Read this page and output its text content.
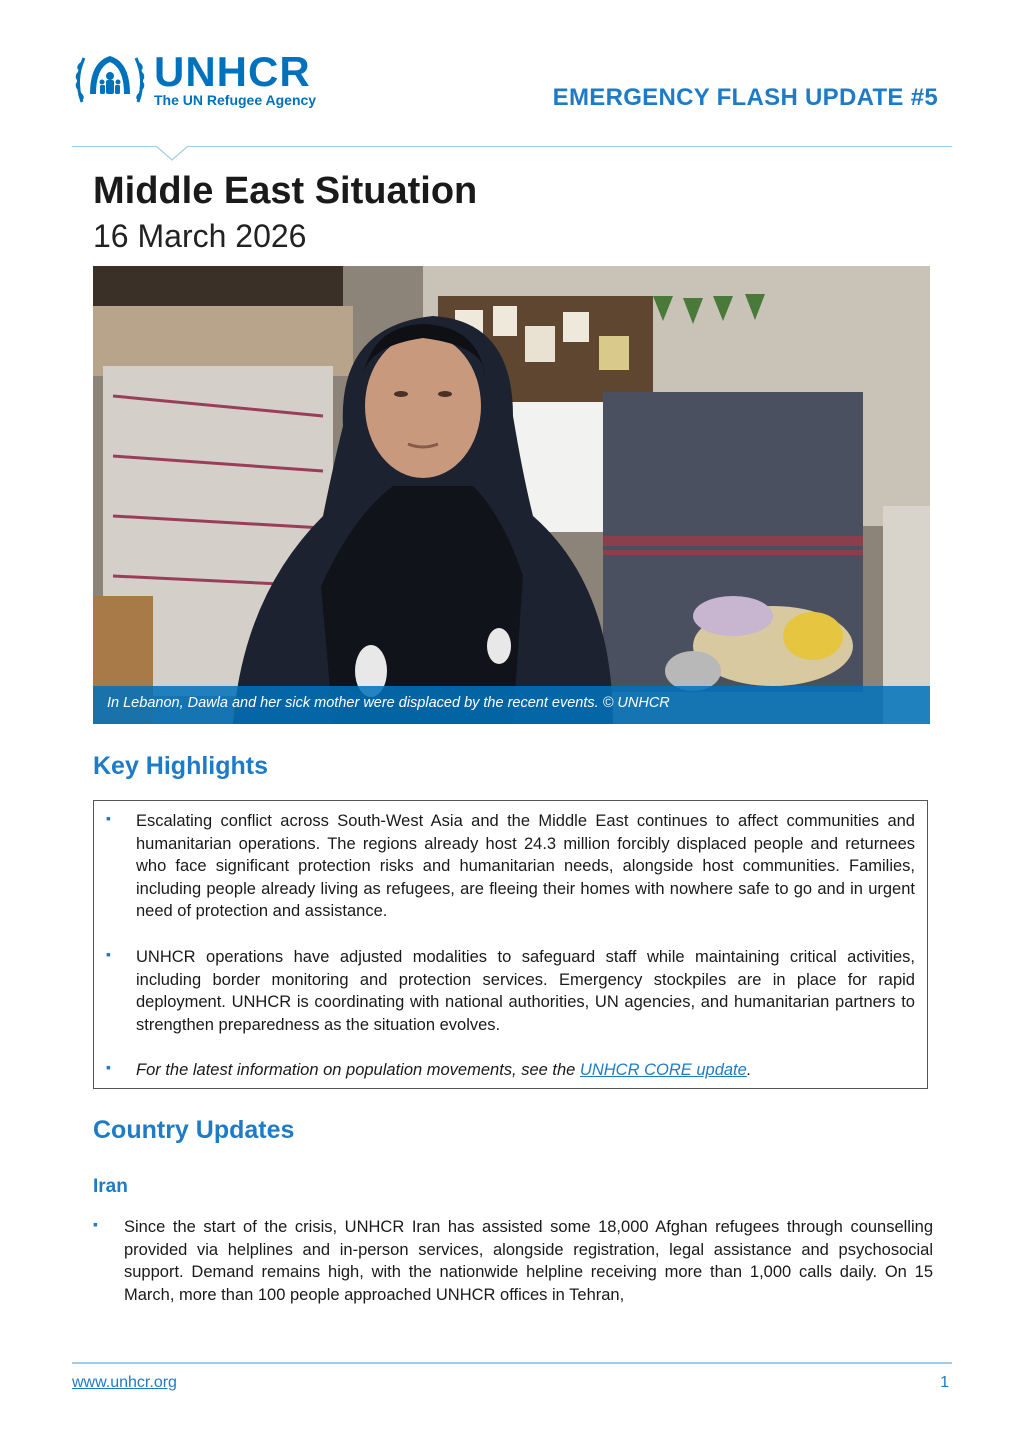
UNHCR
The UN Refugee Agency	EMERGENCY FLASH UPDATE #5
Middle East Situation
16 March 2026
In Lebanon, Dawla and her sick mother were displaced by the recent events. © UNHCR
Key Highlights
▪ Escalating conflict across South-West Asia and the Middle East continues to affect communities and humanitarian operations. The regions already host 24.3 million forcibly displaced people and returnees who face significant protection risks and humanitarian needs, alongside host communities. Families, including people already living as refugees, are fleeing their homes with nowhere safe to go and in urgent need of protection and assistance.
▪ UNHCR operations have adjusted modalities to safeguard staff while maintaining critical activities, including border monitoring and protection services. Emergency stockpiles are in place for rapid deployment. UNHCR is coordinating with national authorities, UN agencies, and humanitarian partners to strengthen preparedness as the situation evolves.
▪ For the latest information on population movements, see the UNHCR CORE update.
Country Updates
Iran
▪ Since the start of the crisis, UNHCR Iran has assisted some 18,000 Afghan refugees through counselling provided via helplines and in-person services, alongside registration, legal assistance and psychosocial support. Demand remains high, with the nationwide helpline receiving more than 1,000 calls daily. On 15 March, more than 100 people approached UNHCR offices in Tehran,
www.unhcr.org	1
